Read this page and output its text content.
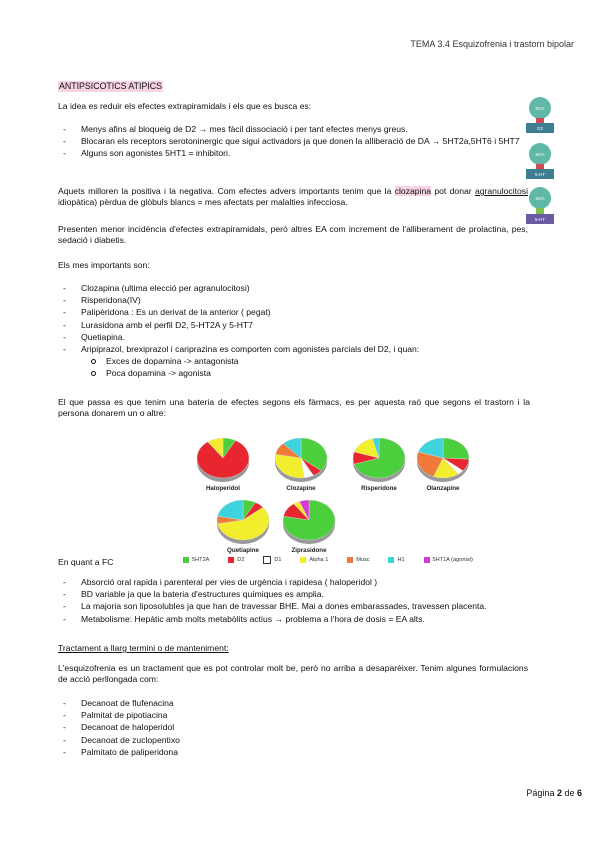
TEMA 3.4 Esquizofrenia i trastorn bipolar
ANTIPSICOTICS ATIPICS

La idea es reduir els efectes extrapiramidals i els que es busca es:

- Menys afins al bloqueig de D2 → mes fàcil dissociació i per tant efectes menys greus.
- Blocaran els receptors serotoninergic que sigui activadors ja que donen la alliberació de DA → 5HT2a,5HT6 i 5HT7
- Alguns son agonistes 5HT1 = inhibitori.

Aquets milloren la positiva i la negativa. Com efectes advers importants tenim que la clozapina pot donar agranulocitosi idiopàtica) pèrdua de glòbuls blancs = mes afectats per malalties infecciosa.

Presenten menor incidència d'efectes extrapiramidals, però altres EA com increment de l'alliberament de prolactina, pes, sedació i diabetis.

Els mes importants son:

- Clozapina (ultima elecció per agranulocitosi)
- Risperidona(IV)
- Palipèridona : Es un derivat de la anterior ( pegat)
- Lurasidona amb el perfil D2, 5-HT2A y 5-HT7
- Quetiapina.
- Aripiprazol, brexiprazol i cariprazina es comporten com agonistes parcials del D2, i quan:
Exces de dopamina -> antagonista
Poca dopamina -> agonista

El que passa es que tenim una bateria de efectes segons els fàrmacs, es per aquesta raó que segons el trastorn i la persona donarem un o altre:

5GA
D2
5GA
5-HT
5GA
5-HT
Haloperidol	Clozapine	Risperidone	Olanzapine
Quetiapine	Ziprasidone
5HT2A	D2	D1	Alpha 1	Musc	H1	5HT1A (agonist)
En quant a FC
- Absorció oral rapida i parenteral per vies de urgència i rapidesa ( haloperidol )
- BD variable ja que la bateria d'estructures químiques es amplia.
- La majoria son liposolubles ja que han de travessar BHE. Mai a dones embarassades, travessen placenta.
- Metabolisme: Hepàtic amb molts metabòlits actius → problema a l'hora de dosis = EA alts.
Tractament a llarg termini o de manteniment:

L'esquizofrenia es un tractament que es pot controlar molt be, però no arriba a desaparèixer. Tenim algunes formulacions de acció perllongada com:

- Decanoat de flufenacina
- Palmitat de pipotiacina
- Decanoat de haloperidol
- Decanoat de zuclopentixo
- Palmitato de paliperidona
Página 2 de 6
